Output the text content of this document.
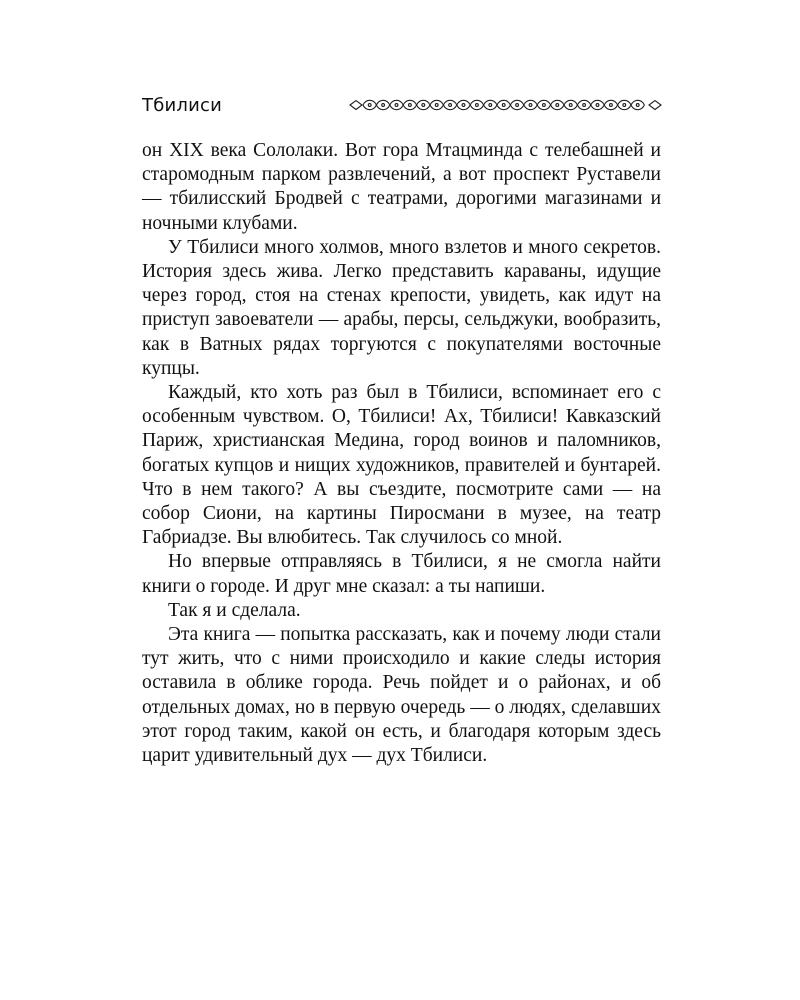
Тбилиси

он XIX века Сололаки. Вот гора Мтацминда с телебашней и старомодным парком развлечений, а вот проспект Руставели — тбилисский Бродвей с театрами, дорогими магазинами и ночными клубами.

У Тбилиси много холмов, много взлетов и много секретов. История здесь жива. Легко представить караваны, идущие через город, стоя на стенах крепости, увидеть, как идут на приступ завоеватели — арабы, персы, сельджуки, вообразить, как в Ватных рядах торгуются с покупателями восточные купцы.

Каждый, кто хоть раз был в Тбилиси, вспоминает его с особенным чувством. О, Тбилиси! Ах, Тбилиси! Кавказский Париж, христианская Медина, город воинов и паломников, богатых купцов и нищих художников, правителей и бунтарей. Что в нем такого? А вы съездите, посмотрите сами — на собор Сиони, на картины Пиросмани в музее, на театр Габриадзе. Вы влюбитесь. Так случилось со мной.

Но впервые отправляясь в Тбилиси, я не смогла найти книги о городе. И друг мне сказал: а ты напиши.

Так я и сделала.

Эта книга — попытка рассказать, как и почему люди стали тут жить, что с ними происходило и какие следы история оставила в облике города. Речь пойдет и о районах, и об отдельных домах, но в первую очередь — о людях, сделавших этот город таким, какой он есть, и благодаря которым здесь царит удивительный дух — дух Тбилиси.
